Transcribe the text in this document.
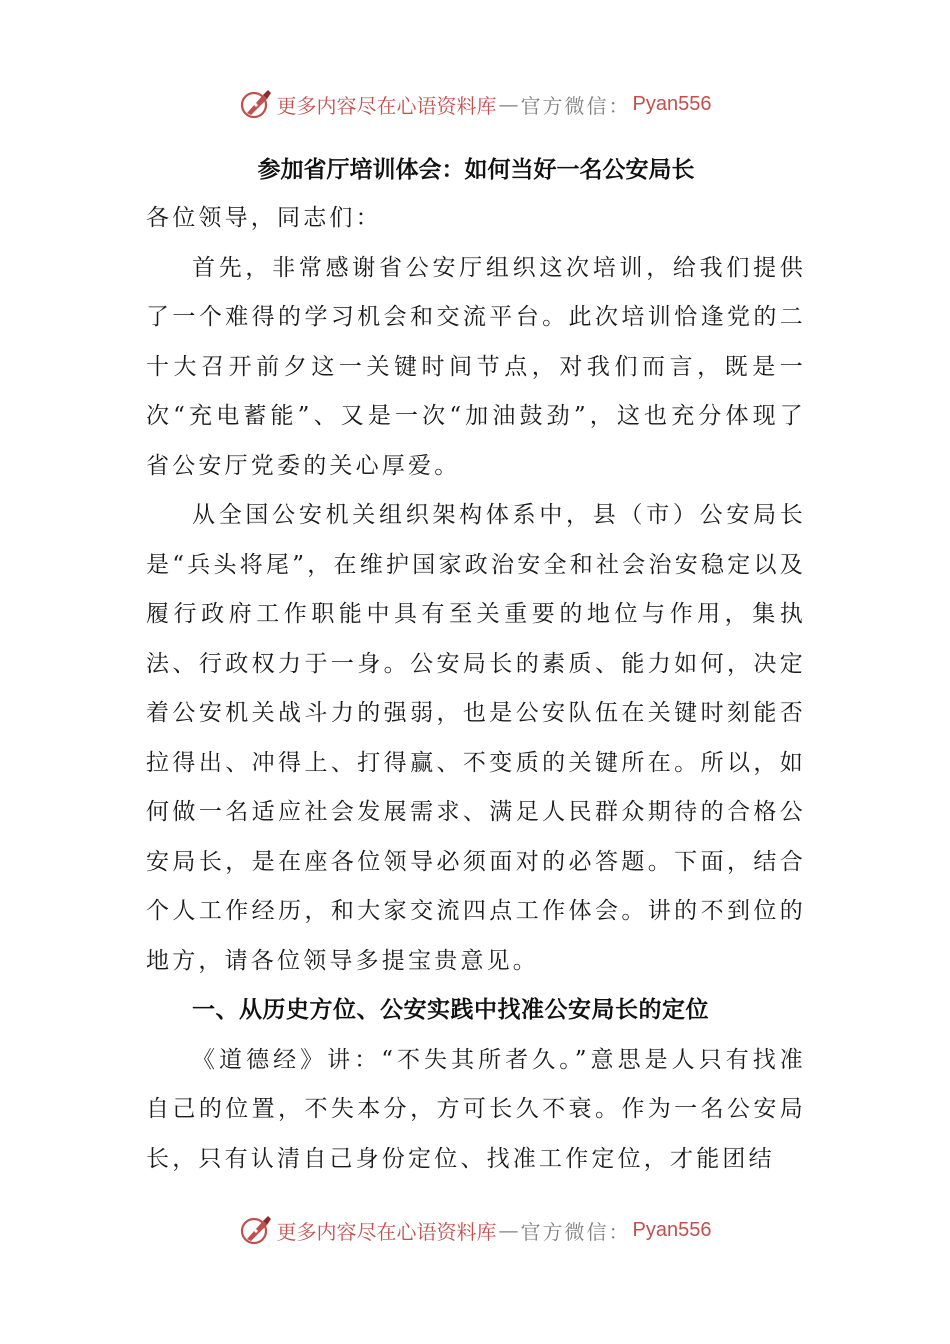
更多内容尽在心语资料库 — 官方微信： Pyan556
参加省厅培训体会：如何当好一名公安局长

各位领导，同志们：

首先，非常感谢省公安厅组织这次培训，给我们提供了一个难得的学习机会和交流平台。此次培训恰逢党的二十大召开前夕这一关键时间节点，对我们而言，既是一次“充电蓄能”、又是一次“加油鼓劲”，这也充分体现了省公安厅党委的关心厚爱。

从全国公安机关组织架构体系中，县（市）公安局长是“兵头将尾”，在维护国家政治安全和社会治安稳定以及履行政府工作职能中具有至关重要的地位与作用，集执法、行政权力于一身。公安局长的素质、能力如何，决定着公安机关战斗力的强弱，也是公安队伍在关键时刻能否拉得出、冲得上、打得赢、不变质的关键所在。所以，如何做一名适应社会发展需求、满足人民群众期待的合格公安局长，是在座各位领导必须面对的必答题。下面，结合个人工作经历，和大家交流四点工作体会。讲的不到位的地方，请各位领导多提宝贵意见。

一、从历史方位、公安实践中找准公安局长的定位

《道德经》讲：“不失其所者久。”意思是人只有找准自己的位置，不失本分，方可长久不衰。作为一名公安局长，只有认清自己身份定位、找准工作定位，才能团结

更多内容尽在心语资料库 — 官方微信： Pyan556
